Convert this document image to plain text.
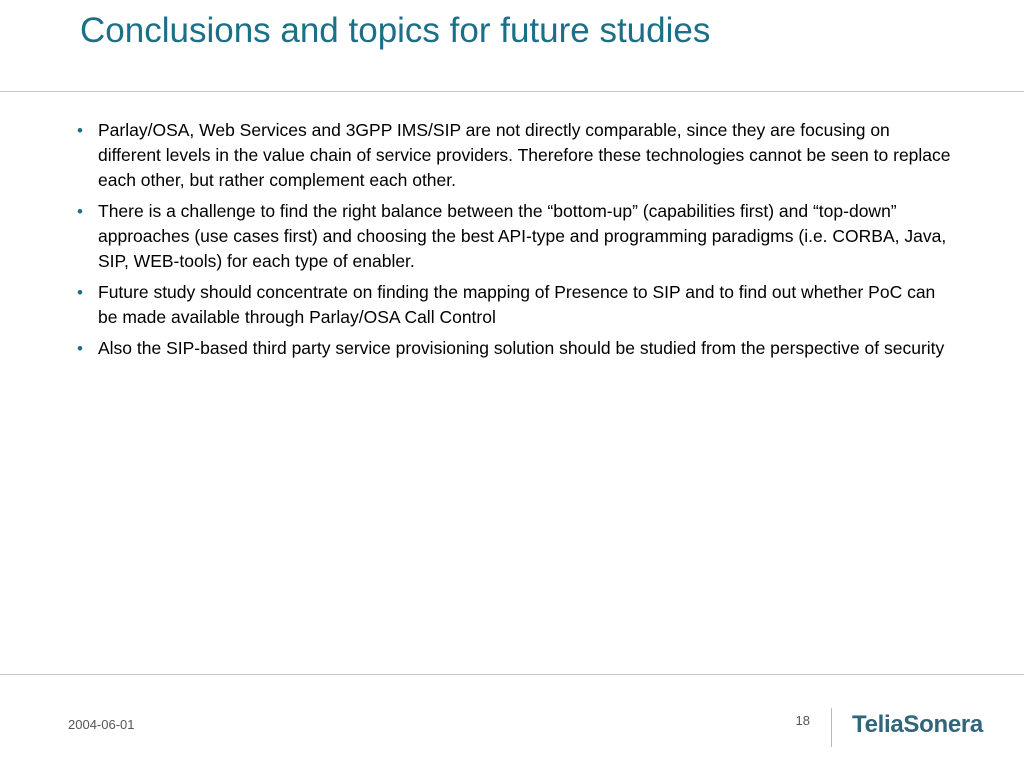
Conclusions and topics for future studies
• Parlay/OSA, Web Services and 3GPP IMS/SIP are not directly comparable, since they are focusing on different levels in the value chain of service providers. Therefore these technologies cannot be seen to replace each other, but rather complement each other.
• There is a challenge to find the right balance between the “bottom-up” (capabilities first) and “top-down” approaches (use cases first) and choosing the best API-type and programming paradigms (i.e. CORBA, Java, SIP, WEB-tools) for each type of enabler.
• Future study should concentrate on finding the mapping of Presence to SIP and to find out whether PoC can be made available through Parlay/OSA Call Control
• Also the SIP-based third party service provisioning solution should be studied from the perspective of security
2004-06-01	18 TeliaSonera
